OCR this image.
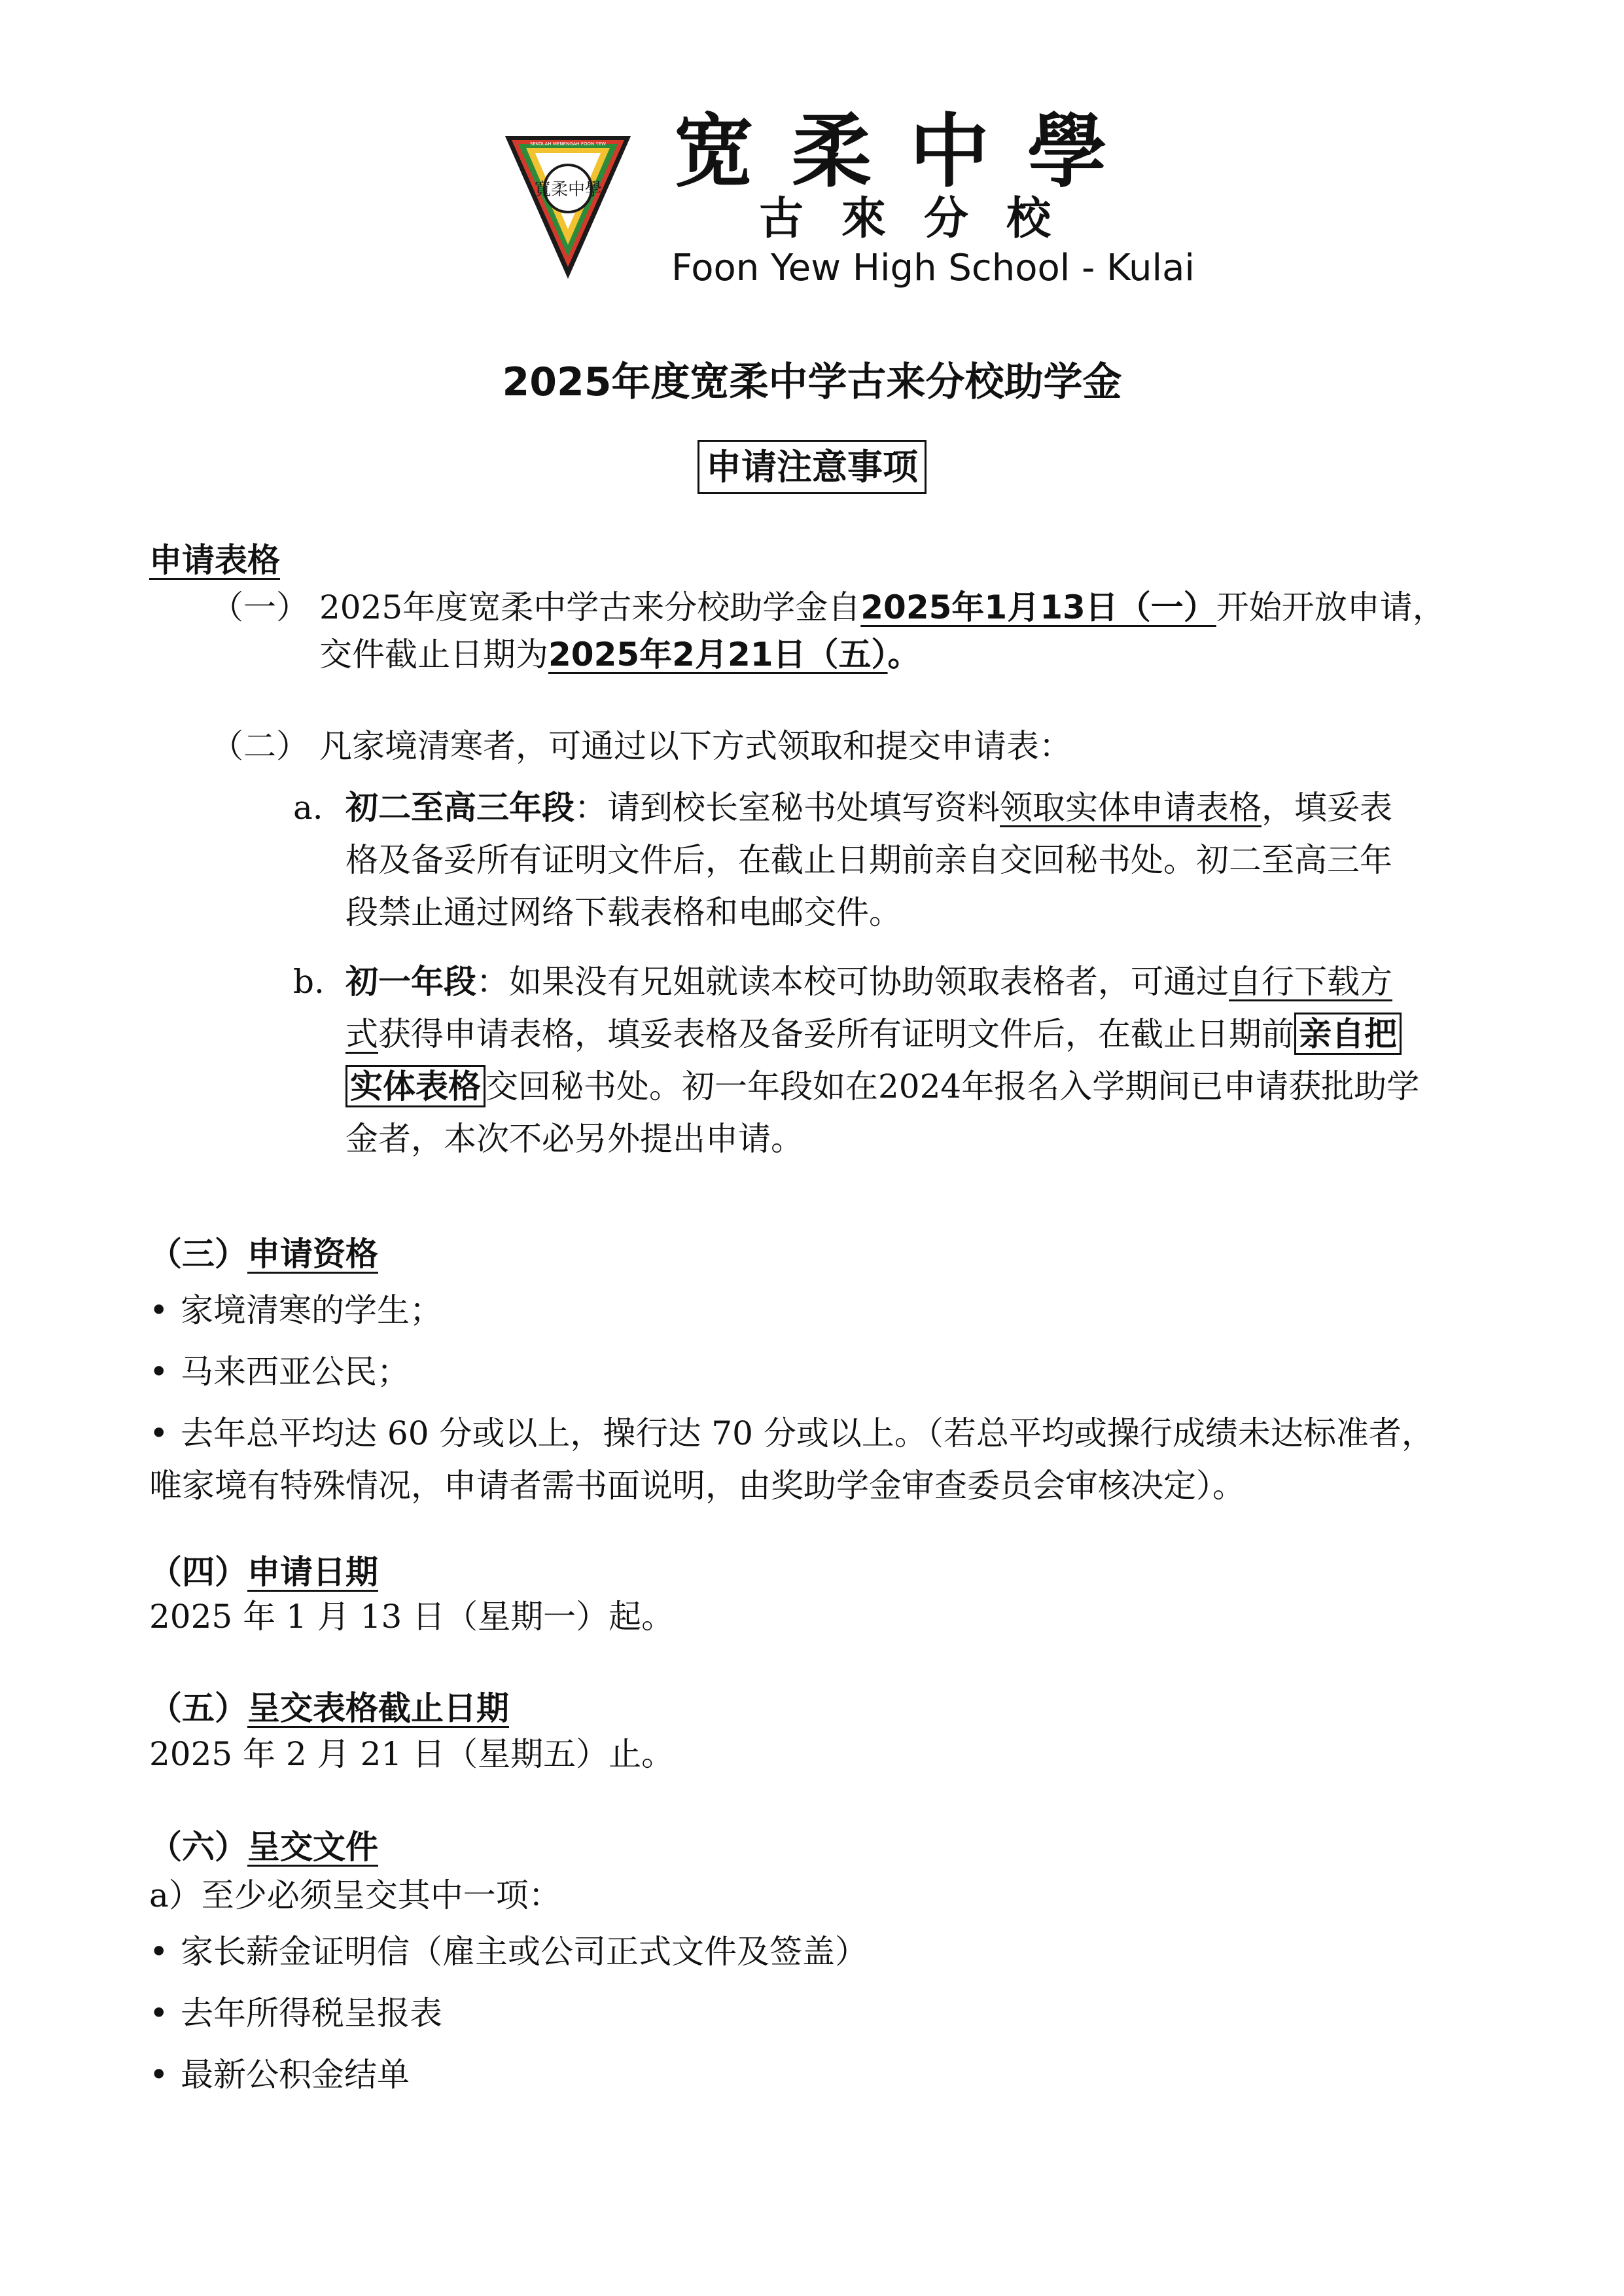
寬柔中學
SEKOLAH MENENGAH FOON YEW 宽柔中學
古來分校
Foon Yew High School - Kulai
2025年度宽柔中学古来分校助学金
申请注意事项
申请表格
（一） 2025年度宽柔中学古来分校助学金自2025年1月13日（一）开始开放申请，
交件截止日期为2025年2月21日（五）。
（二） 凡家境清寒者，可通过以下方式领取和提交申请表：
a. 初二至高三年段：请到校长室秘书处填写资料领取实体申请表格，填妥表
格及备妥所有证明文件后，在截止日期前亲自交回秘书处。初二至高三年
段禁止通过网络下载表格和电邮交件。
b. 初一年段：如果没有兄姐就读本校可协助领取表格者，可通过自行下载方
式获得申请表格，填妥表格及备妥所有证明文件后，在截止日期前 亲自把
实体表格 交回秘书处。初一年段如在2024年报名入学期间已申请获批助学
金者，本次不必另外提出申请。
（三）申请资格
• 家境清寒的学生；
• 马来西亚公民；
• 去年总平均达 60 分或以上，操行达 70 分或以上。（若总平均或操行成绩未达标准者，
唯家境有特殊情况，申请者需书面说明，由奖助学金审查委员会审核决定）。
（四）申请日期
2025 年 1 月 13 日（星期一）起。
（五）呈交表格截止日期
2025 年 2 月 21 日（星期五）止。
（六）呈交文件
a）至少必须呈交其中一项：
• 家长薪金证明信（雇主或公司正式文件及签盖）
• 去年所得税呈报表
• 最新公积金结单
